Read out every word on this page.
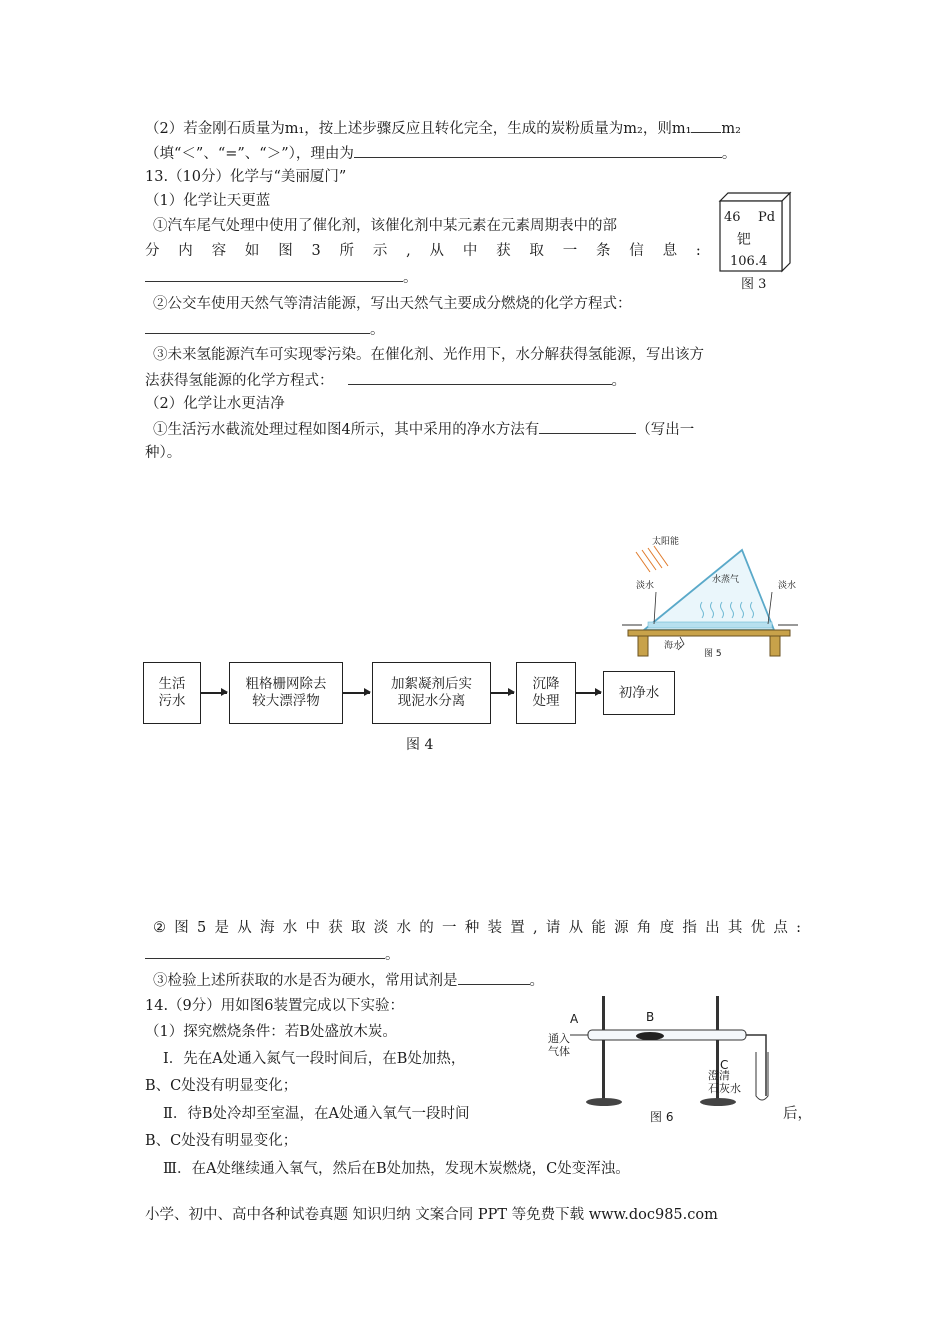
（2）若金刚石质量为m₁，按上述步骤反应且转化完全，生成的炭粉质量为m₂，则m₁ m₂
（填“＜”、“=”、“＞”），理由为	。
13.（10分）化学与“美丽厦门”
（1）化学让天更蓝
①汽车尾气处理中使用了催化剂，该催化剂中某元素在元素周期表中的部
分 内 容 如 图 3 所 示 , 从 中 获 取 一 条 信 息 :
。
46 Pd
钯
106.4
图 3
②公交车使用天然气等清洁能源，写出天然气主要成分燃烧的化学方程式：
。
③未来氢能源汽车可实现零污染。在催化剂、光作用下，水分解获得氢能源，写出该方
法获得氢能源的化学方程式：	。
（2）化学让水更洁净
①生活污水截流处理过程如图4所示，其中采用的净水方法有	（写出一
种）。
太阳能
淡水
水蒸气
淡水
海水
图 5
生活
污水
粗格栅网除去
较大漂浮物
加絮凝剂后实
现泥水分离
沉降
处理
初净水
图 4
② 图 5 是 从 海 水 中 获 取 淡 水 的 一 种 装 置 , 请 从 能 源 角 度 指 出 其 优 点 :
。
③检验上述所获取的水是否为硬水，常用试剂是	。
14.（9分）用如图6装置完成以下实验：
（1）探究燃烧条件：若B处盛放木炭。
Ⅰ．先在A处通入氮气一段时间后，在B处加热，
B、C处没有明显变化；
Ⅱ．待B处冷却至室温，在A处通入氧气一段时间	后，
B、C处没有明显变化；
Ⅲ．在A处继续通入氧气，然后在B处加热，发现木炭燃烧，C处变浑浊。
A	B
C
通入
气体
澄清
石灰水
图 6
小学、初中、高中各种试卷真题 知识归纳 文案合同 PPT 等免费下载 www.doc985.com
